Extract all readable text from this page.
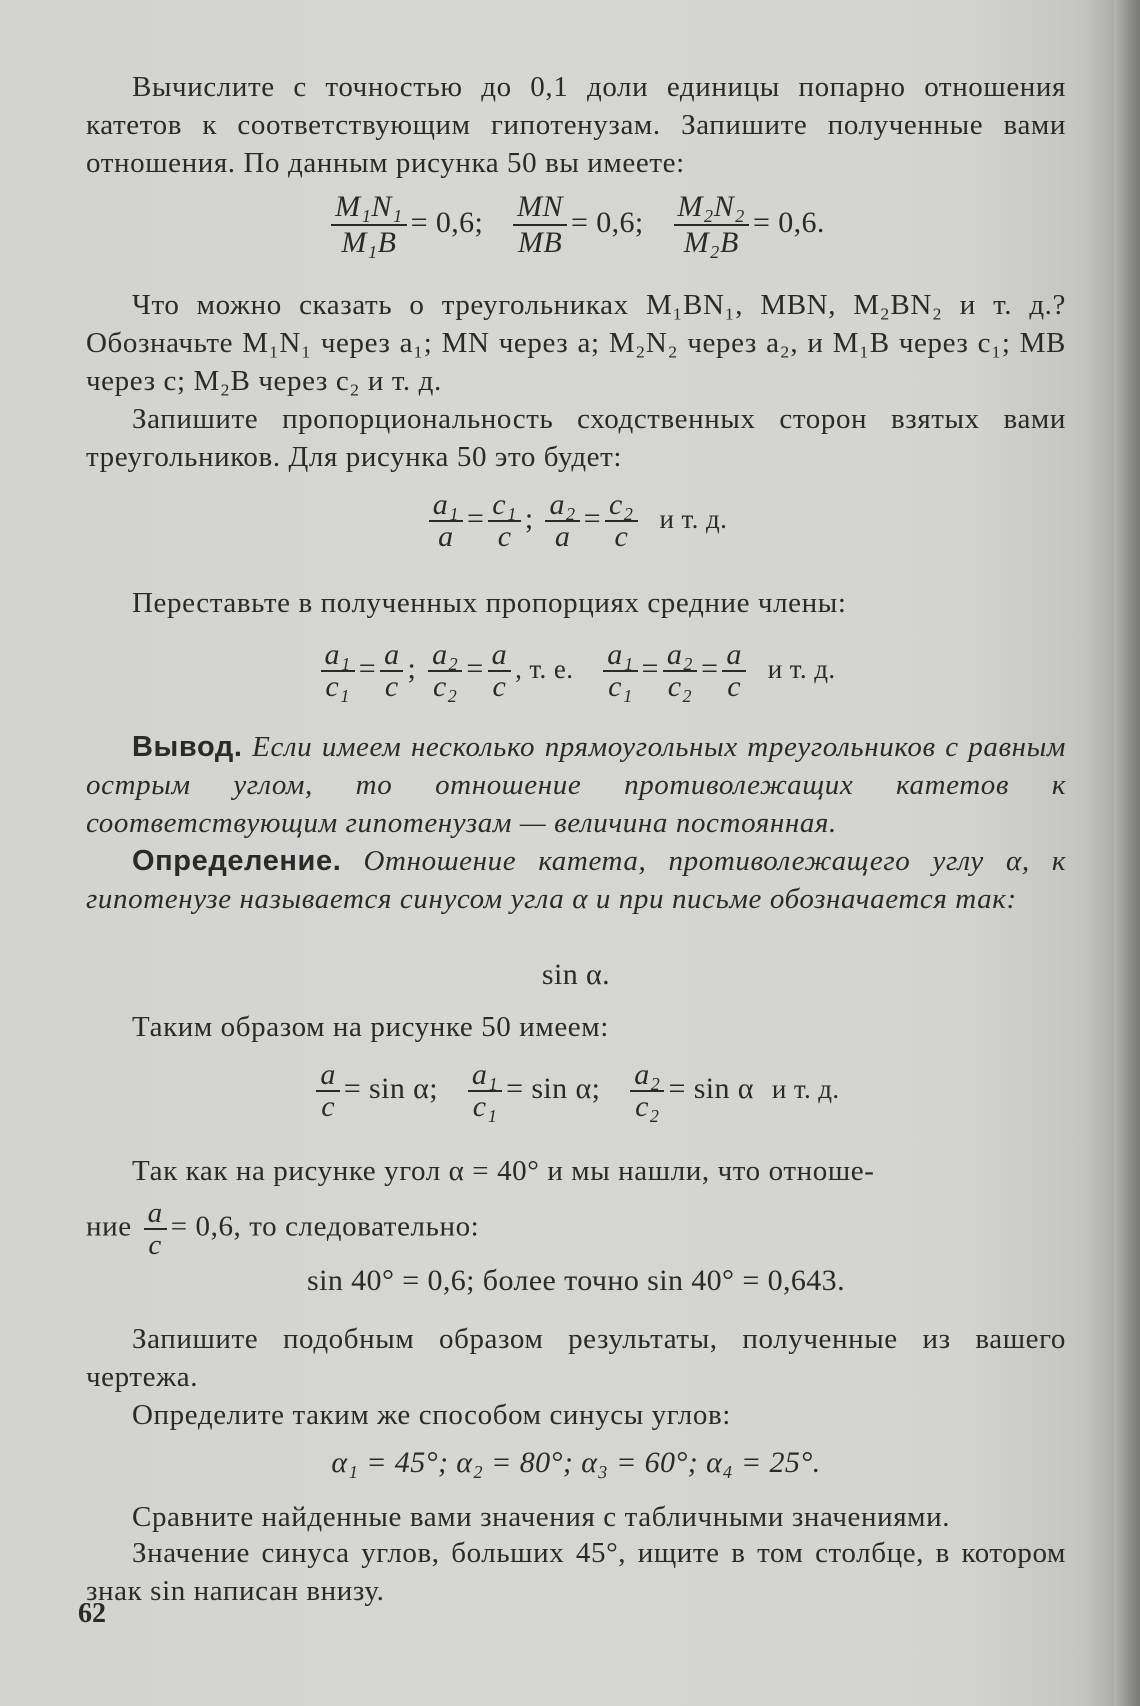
Вычислите с точностью до 0,1 доли единицы попарно отношения катетов к соответствующим гипотенузам. Запишите полученные вами отношения. По данным рисунка 50 вы имеете:
$\frac{\text{M₁N₁}}{\text{M₁B}} = 0,6$; $\frac{MN}{MB} = 0,6$; $\frac{\text{M₂N₂}}{\text{M₂B}} = 0,6$.
Что можно сказать о треугольниках M₁BN₁, MBN, M₂BN₂ и т. д.? Обозначьте M₁N₁ через a₁; MN через a; M₂N₂ через a₂, и M₁B через c₁; MB через c; M₂B через c₂ и т. д.
Запишите пропорциональность сходственных сторон взятых вами треугольников. Для рисунка 50 это будет:
$\frac{\text{a₁}}{a} = \frac{\text{c₁}}{c}$ ; $\frac{\text{a₂}}{a} = \frac{\text{c₂}}{c}$ и т. д.
Переставьте в полученных пропорциях средние члены:
$\frac{\text{a₁}}{\text{c₁}} = \frac{a}{c}$ ; $\frac{\text{a₂}}{\text{c₂}} = \frac{a}{c}$ , т. е. $\frac{\text{a₁}}{\text{c₁}} = \frac{\text{a₂}}{\text{c₂}} = \frac{a}{c}$ и т. д.
Вывод. Если имеем несколько прямоугольных треугольников с равным острым углом, то отношение противолежащих катетов к соответствующим гипотенузам — величина постоянная.
Определение. Отношение катета, противолежащего углу α, к гипотенузе называется синусом угла α и при письме обозначается так:
sin α.
Таким образом на рисунке 50 имеем:
$\frac{a}{c} = \sin \alpha$; $\frac{\text{a₁}}{\text{c₁}} = \sin \alpha$; $\frac{\text{a₂}}{\text{c₂}} = \sin \alpha$ и т. д.
Так как на рисунке угол α = 40° и мы нашли, что отноше-
ние $\frac{a}{c} = 0,6$, то следовательно:
sin 40° = 0,6; более точно sin 40° = 0,643.
Запишите подобным образом результаты, полученные из вашего чертежа.
Определите таким же способом синусы углов:
α₁ = 45°; α₂ = 80°; α₃ = 60°; α₄ = 25°.
Сравните найденные вами значения с табличными значениями.
Значение синуса углов, больших 45°, ищите в том столбце, в котором знак sin написан внизу.
62
